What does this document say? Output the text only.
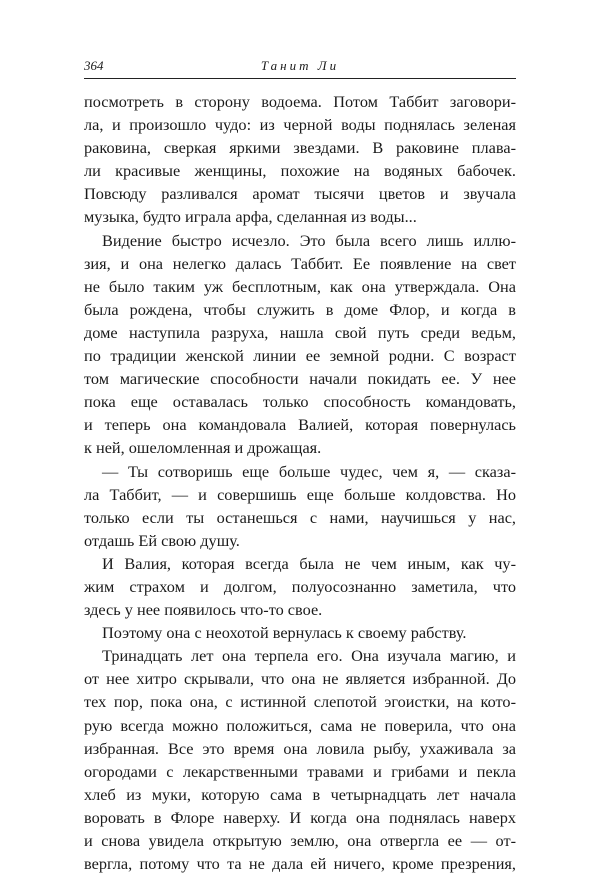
364	Танит Ли
посмотреть в сторону водоема. Потом Таббит заговори-
ла, и произошло чудо: из черной воды поднялась зеленая
раковина, сверкая яркими звездами. В раковине плава-
ли красивые женщины, похожие на водяных бабочек.
Повсюду разливался аромат тысячи цветов и звучала
музыка, будто играла арфа, сделанная из воды...
Видение быстро исчезло. Это была всего лишь иллю-
зия, и она нелегко далась Таббит. Ее появление на свет
не было таким уж бесплотным, как она утверждала. Она
была рождена, чтобы служить в доме Флор, и когда в
доме наступила разруха, нашла свой путь среди ведьм,
по традиции женской линии ее земной родни. С возраст
том магические способности начали покидать ее. У нее
пока еще оставалась только способность командовать,
и теперь она командовала Валией, которая повернулась
к ней, ошеломленная и дрожащая.
— Ты сотворишь еще больше чудес, чем я, — сказа-
ла Таббит, — и совершишь еще больше колдовства. Но
только если ты останешься с нами, научишься у нас,
отдашь Ей свою душу.
И Валия, которая всегда была не чем иным, как чу-
жим страхом и долгом, полуосознанно заметила, что
здесь у нее появилось что-то свое.
Поэтому она с неохотой вернулась к своему рабству.
Тринадцать лет она терпела его. Она изучала магию, и
от нее хитро скрывали, что она не является избранной. До
тех пор, пока она, с истинной слепотой эгоистки, на кото-
рую всегда можно положиться, сама не поверила, что она
избранная. Все это время она ловила рыбу, ухаживала за
огородами с лекарственными травами и грибами и пекла
хлеб из муки, которую сама в четырнадцать лет начала
воровать в Флоре наверху. И когда она поднялась наверх
и снова увидела открытую землю, она отвергла ее — от-
вергла, потому что та не дала ей ничего, кроме презрения,
